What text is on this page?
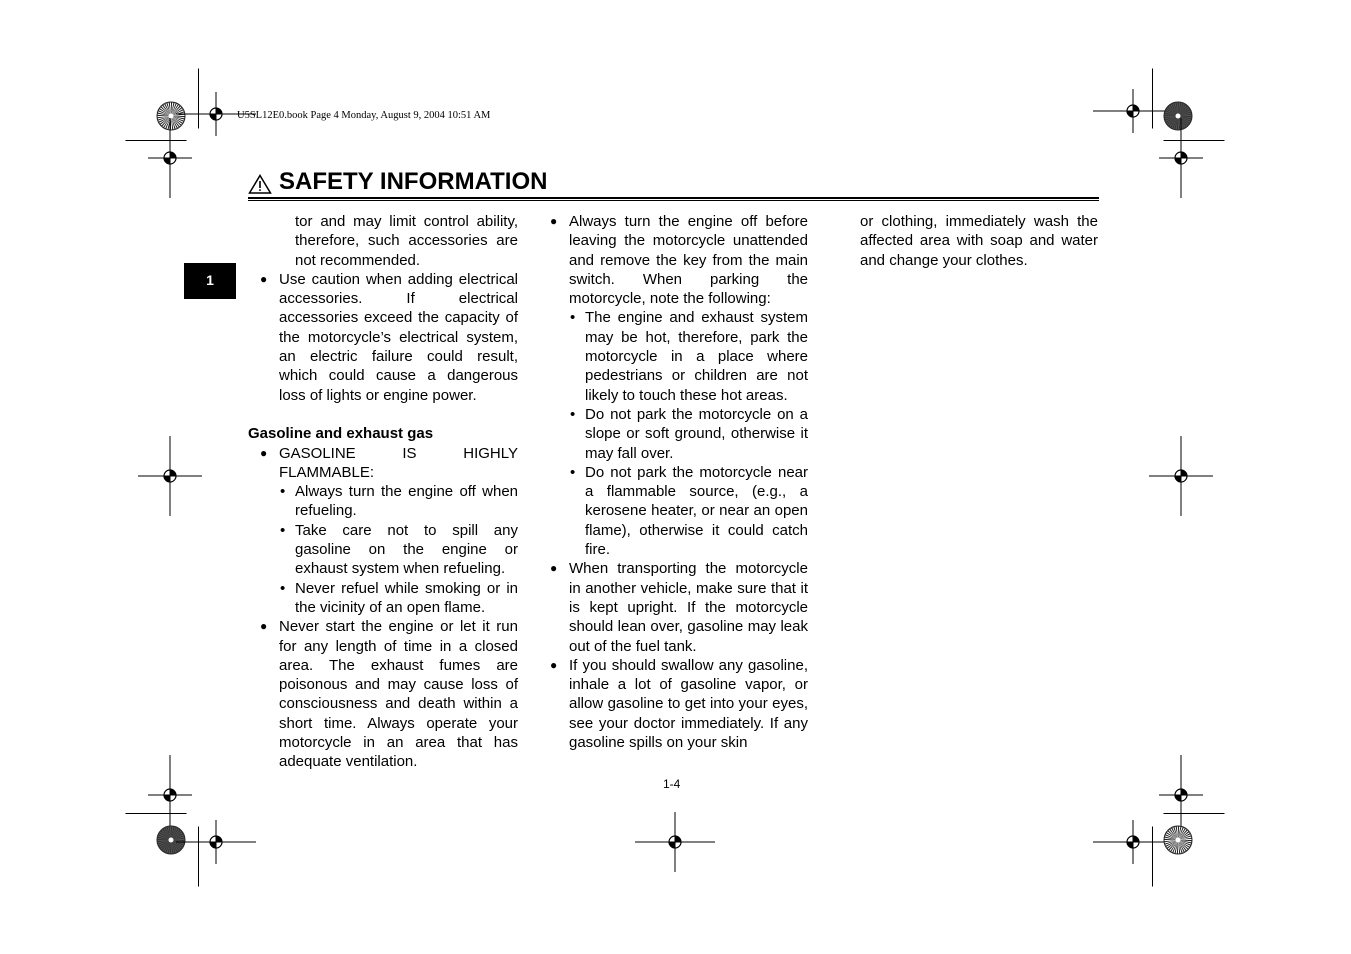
U5SL12E0.book Page 4 Monday, August 9, 2004 10:51 AM
SAFETY INFORMATION
1

tor and may limit control ability, therefore, such accessories are not recommended.

● Use caution when adding electrical accessories. If electrical accessories exceed the capacity of the motorcycle’s electrical system, an electric failure could result, which could cause a dangerous loss of lights or engine power.

Gasoline and exhaust gas

● GASOLINE IS HIGHLY FLAMMABLE:
• Always turn the engine off when refueling.
• Take care not to spill any gasoline on the engine or exhaust system when refueling.
• Never refuel while smoking or in the vicinity of an open flame.
● Never start the engine or let it run for any length of time in a closed area. The exhaust fumes are poisonous and may cause loss of consciousness and death within a short time. Always operate your motorcycle in an area that has adequate ventilation.
● Always turn the engine off before leaving the motorcycle unattended and remove the key from the main switch. When parking the motorcycle, note the following:
• The engine and exhaust system may be hot, therefore, park the motorcycle in a place where pedestrians or children are not likely to touch these hot areas.
• Do not park the motorcycle on a slope or soft ground, otherwise it may fall over.
• Do not park the motorcycle near a flammable source, (e.g., a kerosene heater, or near an open flame), otherwise it could catch fire.
● When transporting the motorcycle in another vehicle, make sure that it is kept upright. If the motorcycle should lean over, gasoline may leak out of the fuel tank.
● If you should swallow any gasoline, inhale a lot of gasoline vapor, or allow gasoline to get into your eyes, see your doctor immediately. If any gasoline spills on your skin

or clothing, immediately wash the affected area with soap and water and change your clothes.

1-4
